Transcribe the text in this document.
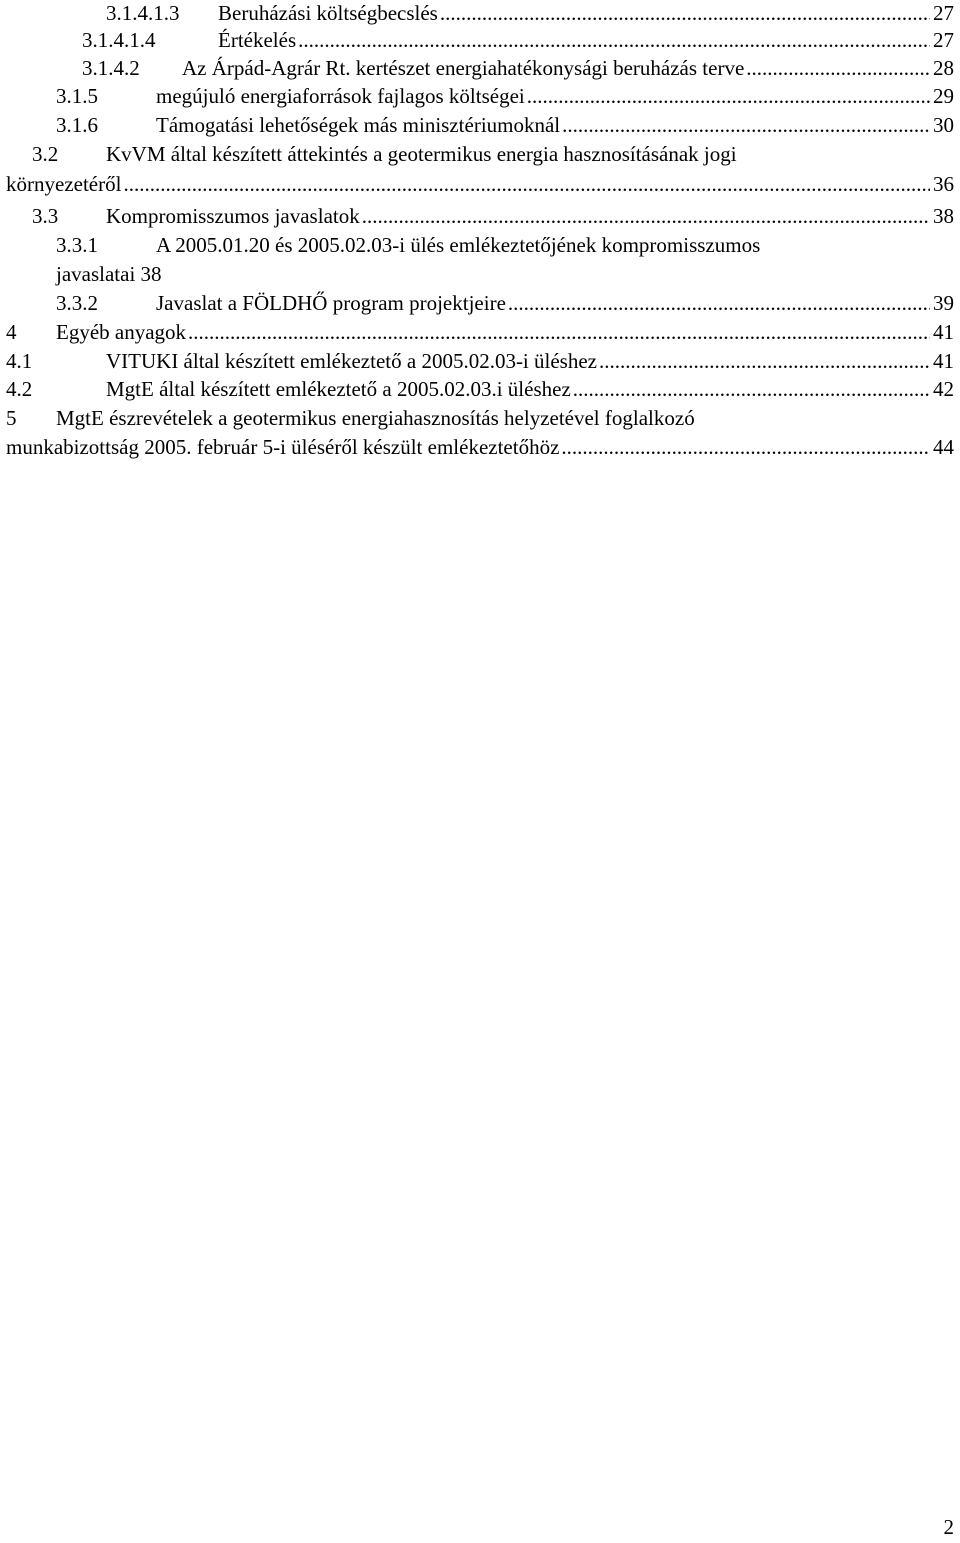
3.1.4.1.3	Beruházási költségbecslés .....	27
3.1.4.1.4	Értékelés .....	27
3.1.4.2	Az Árpád-Agrár Rt. kertészet energiahatékonysági beruházás terve .....	28
3.1.5	megújuló energiaforrások fajlagos költségei .....	29
3.1.6	Támogatási lehetőségek más minisztériumoknál .....	30
3.2	KvVM által készített áttekintés a geotermikus energia hasznosításának jogi
környezetéről .....	36
3.3	Kompromisszumos javaslatok .....	38
3.3.1	A 2005.01.20 és 2005.02.03-i ülés emlékeztetőjének kompromisszumos
javaslatai 38
3.3.2	Javaslat a FÖLDHŐ program projektjeire .....	39
4	Egyéb anyagok .....	41
4.1	VITUKI által készített emlékeztető a 2005.02.03-i üléshez .....	41
4.2	MgtE által készített emlékeztető a 2005.02.03.i üléshez .....	42
5	MgtE észrevételek a geotermikus energiahasznosítás helyzetével foglalkozó
munkabizottság 2005. február 5-i üléséről készült emlékeztetőhöz .....	44
2
